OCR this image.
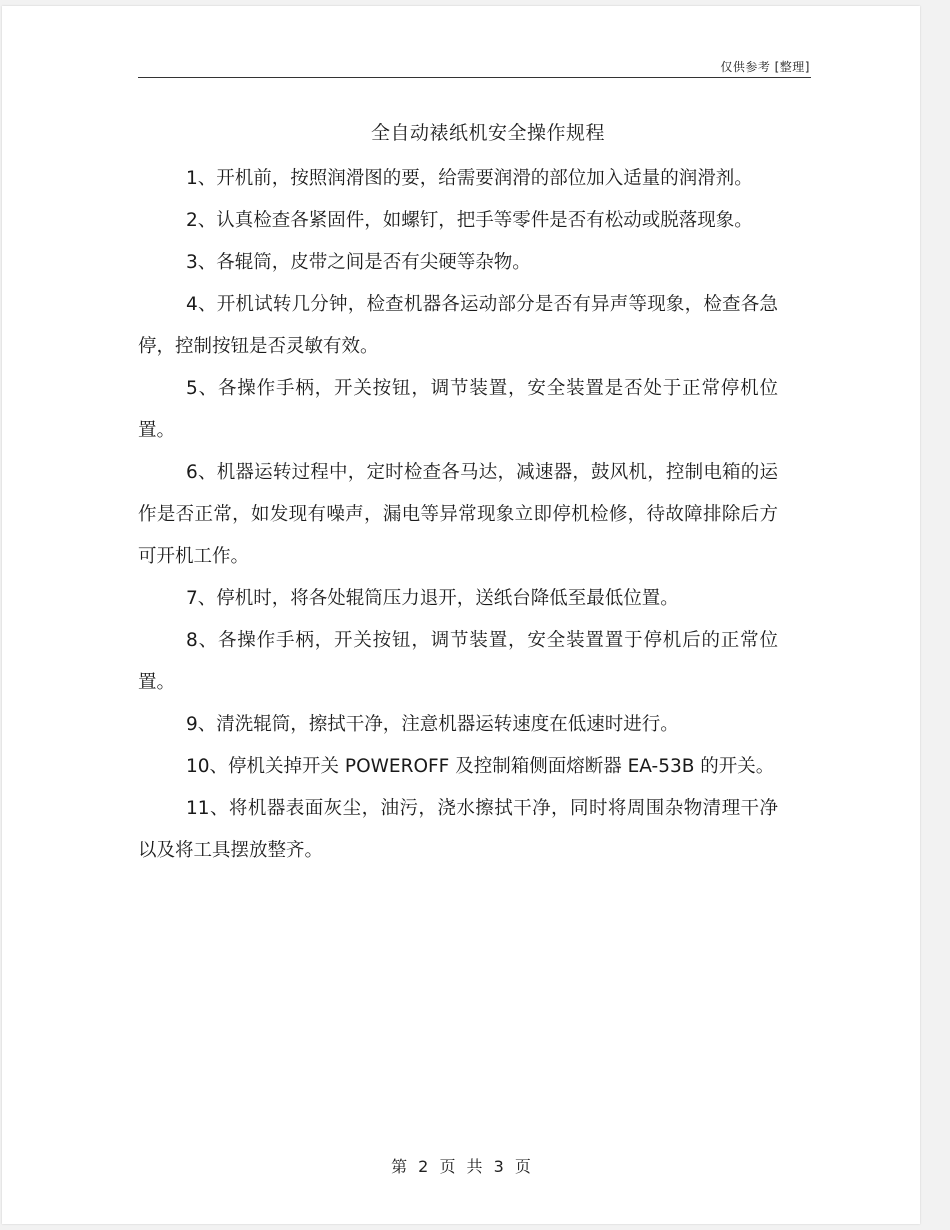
仅供参考 [整理]
全自动裱纸机安全操作规程

1、开机前，按照润滑图的要，给需要润滑的部位加入适量的润滑剂。

2、认真检查各紧固件，如螺钉，把手等零件是否有松动或脱落现象。

3、各辊筒，皮带之间是否有尖硬等杂物。

4、开机试转几分钟，检查机器各运动部分是否有异声等现象，检查各急停，控制按钮是否灵敏有效。

5、各操作手柄，开关按钮，调节装置，安全装置是否处于正常停机位置。

6、机器运转过程中，定时检查各马达，减速器，鼓风机，控制电箱的运作是否正常，如发现有噪声，漏电等异常现象立即停机检修，待故障排除后方可开机工作。

7、停机时，将各处辊筒压力退开，送纸台降低至最低位置。

8、各操作手柄，开关按钮，调节装置，安全装置置于停机后的正常位置。

9、清洗辊筒，擦拭干净，注意机器运转速度在低速时进行。

10、停机关掉开关 POWEROFF 及控制箱侧面熔断器 EA-53B 的开关。

11、将机器表面灰尘，油污，浇水擦拭干净，同时将周围杂物清理干净以及将工具摆放整齐。

第 2 页 共 3 页
